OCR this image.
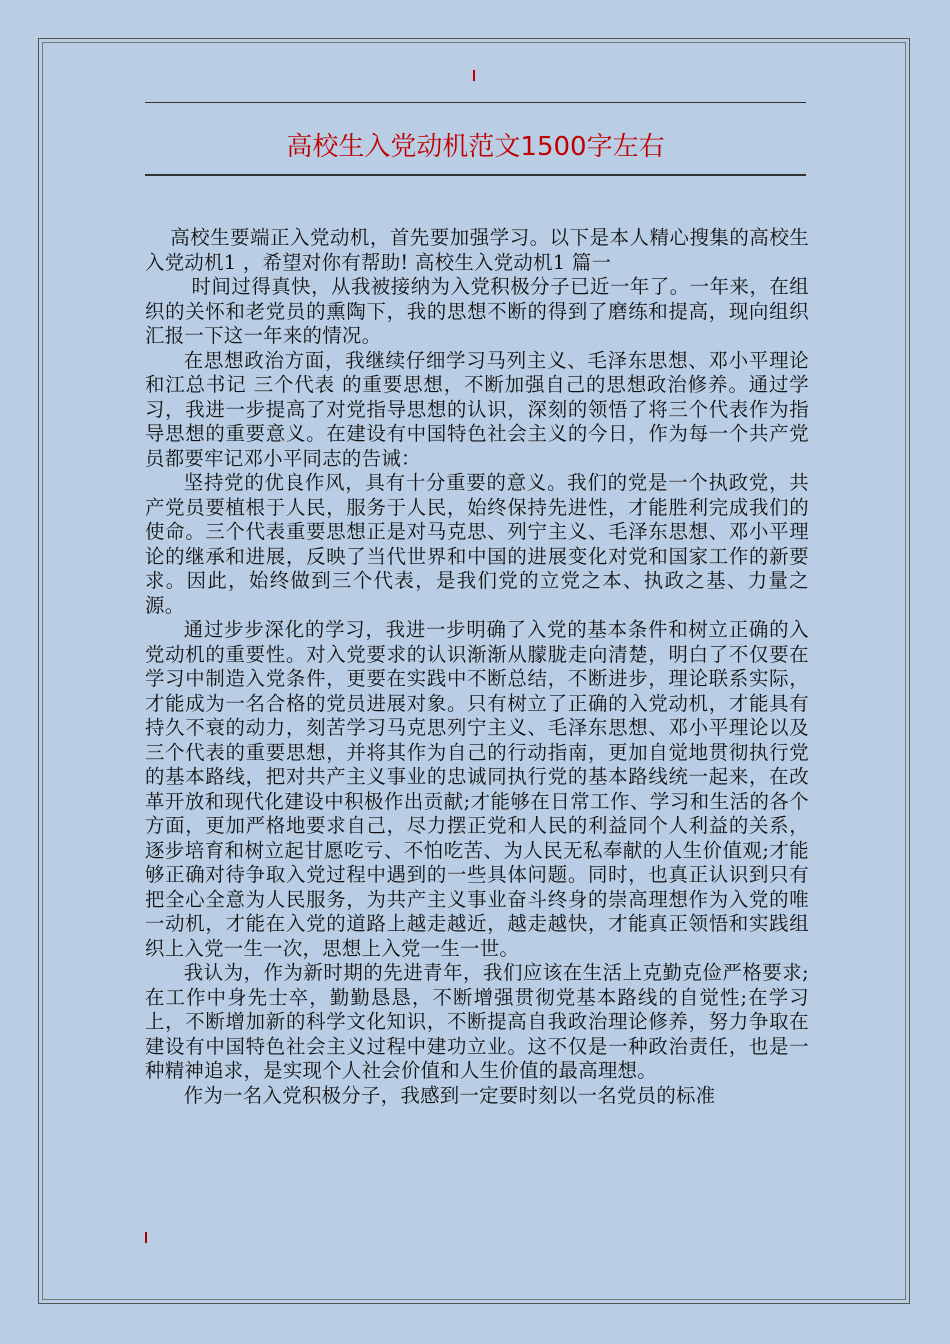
高校生入党动机范文1500字左右

高校生要端正入党动机，首先要加强学习。以下是本人精心搜集的高校生入党动机1 ，希望对你有帮助! 高校生入党动机1 篇一

时间过得真快，从我被接纳为入党积极分子已近一年了。一年来，在组织的关怀和老党员的熏陶下，我的思想不断的得到了磨练和提高，现向组织汇报一下这一年来的情况。

在思想政治方面，我继续仔细学习马列主义、毛泽东思想、邓小平理论和江总书记 三个代表 的重要思想，不断加强自己的思想政治修养。通过学习，我进一步提高了对党指导思想的认识，深刻的领悟了将三个代表作为指导思想的重要意义。在建设有中国特色社会主义的今日，作为每一个共产党员都要牢记邓小平同志的告诫：

坚持党的优良作风，具有十分重要的意义。我们的党是一个执政党，共产党员要植根于人民，服务于人民，始终保持先进性，才能胜利完成我们的使命。三个代表重要思想正是对马克思、列宁主义、毛泽东思想、邓小平理论的继承和进展，反映了当代世界和中国的进展变化对党和国家工作的新要求。因此，始终做到三个代表，是我们党的立党之本、执政之基、力量之源。

通过步步深化的学习，我进一步明确了入党的基本条件和树立正确的入党动机的重要性。对入党要求的认识渐渐从朦胧走向清楚，明白了不仅要在学习中制造入党条件，更要在实践中不断总结，不断进步，理论联系实际，才能成为一名合格的党员进展对象。只有树立了正确的入党动机，才能具有持久不衰的动力，刻苦学习马克思列宁主义、毛泽东思想、邓小平理论以及三个代表的重要思想，并将其作为自己的行动指南，更加自觉地贯彻执行党的基本路线，把对共产主义事业的忠诚同执行党的基本路线统一起来，在改革开放和现代化建设中积极作出贡献;才能够在日常工作、学习和生活的各个方面，更加严格地要求自己，尽力摆正党和人民的利益同个人利益的关系，逐步培育和树立起甘愿吃亏、不怕吃苦、为人民无私奉献的人生价值观;才能够正确对待争取入党过程中遇到的一些具体问题。同时，也真正认识到只有把全心全意为人民服务，为共产主义事业奋斗终身的崇高理想作为入党的唯一动机，才能在入党的道路上越走越近，越走越快，才能真正领悟和实践组织上入党一生一次，思想上入党一生一世。

我认为，作为新时期的先进青年，我们应该在生活上克勤克俭严格要求;在工作中身先士卒，勤勤恳恳，不断增强贯彻党基本路线的自觉性;在学习上，不断增加新的科学文化知识，不断提高自我政治理论修养，努力争取在建设有中国特色社会主义过程中建功立业。这不仅是一种政治责任，也是一种精神追求，是实现个人社会价值和人生价值的最高理想。

作为一名入党积极分子，我感到一定要时刻以一名党员的标准
